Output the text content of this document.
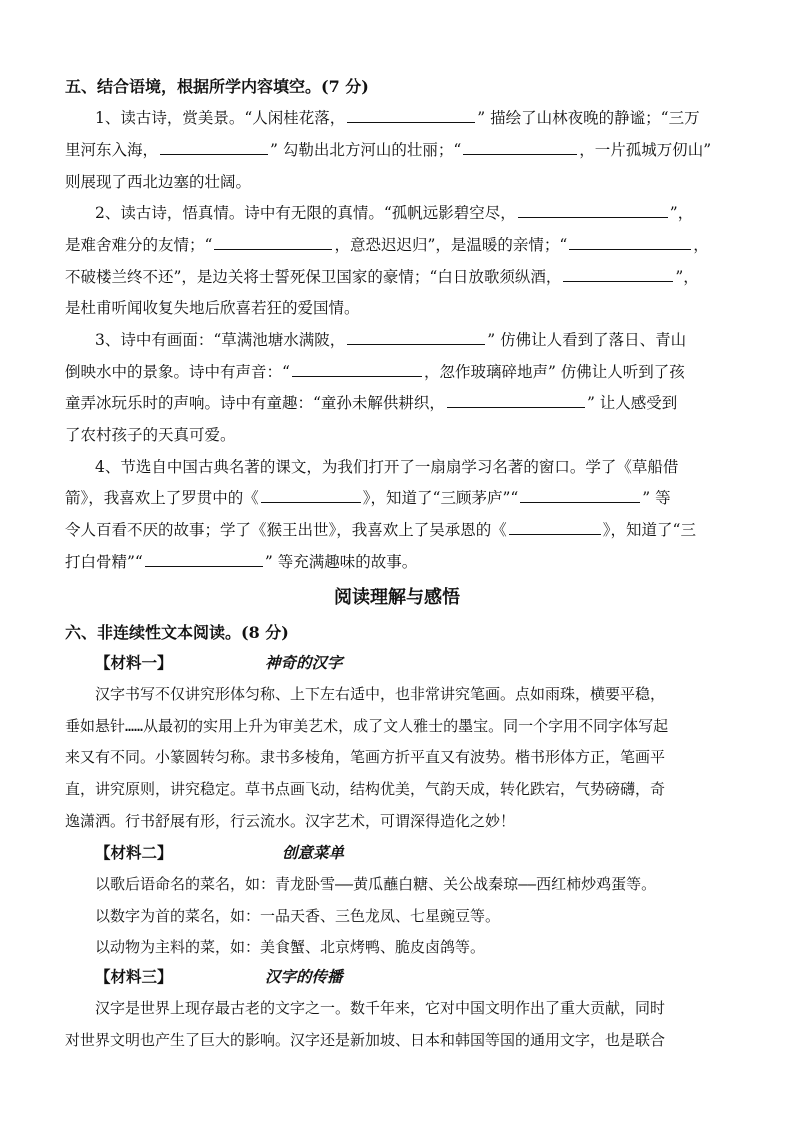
五、结合语境，根据所学内容填空。(7 分)
1、读古诗，赏美景。“人闲桂花落，	” 描绘了山林夜晚的静谧；“三万
里河东入海，	” 勾勒出北方河山的壮丽；“	，一片孤城万仞山”
则展现了西北边塞的壮阔。
2、读古诗，悟真情。诗中有无限的真情。“孤帆远影碧空尽，	”，
是难舍难分的友情；“	，意恐迟迟归”，是温暖的亲情；“	，
不破楼兰终不还”，是边关将士誓死保卫国家的豪情；“白日放歌须纵酒，	”，
是杜甫听闻收复失地后欣喜若狂的爱国情。
3、诗中有画面：“草满池塘水满陂，	” 仿佛让人看到了落日、青山
倒映水中的景象。诗中有声音：“	，忽作玻璃碎地声” 仿佛让人听到了孩
童弄冰玩乐时的声响。诗中有童趣：“童孙未解供耕织，	” 让人感受到
了农村孩子的天真可爱。
4、节选自中国古典名著的课文，为我们打开了一扇扇学习名著的窗口。学了《草船借
箭》，我喜欢上了罗贯中的《	》，知道了“三顾茅庐”“	” 等
令人百看不厌的故事；学了《猴王出世》，我喜欢上了吴承恩的《	》，知道了“三
打白骨精”“	” 等充满趣味的故事。
阅读理解与感悟
六、非连续性文本阅读。(8 分)
【材料一】	神奇的汉字
汉字书写不仅讲究形体匀称、上下左右适中，也非常讲究笔画。点如雨珠，横要平稳，
垂如悬针……从最初的实用上升为审美艺术，成了文人雅士的墨宝。同一个字用不同字体写起
来又有不同。小篆圆转匀称。隶书多棱角，笔画方折平直又有波势。楷书形体方正，笔画平
直，讲究原则，讲究稳定。草书点画飞动，结构优美，气韵天成，转化跌宕，气势磅礴，奇
逸潇洒。行书舒展有形，行云流水。汉字艺术，可谓深得造化之妙！
【材料二】	创意菜单
以歌后语命名的菜名，如：青龙卧雪——黄瓜蘸白糖、关公战秦琼——西红柿炒鸡蛋等。
以数字为首的菜名，如：一品天香、三色龙凤、七星豌豆等。
以动物为主料的菜，如：美食蟹、北京烤鸭、脆皮卤鸽等。
【材料三】	汉字的传播
汉字是世界上现存最古老的文字之一。数千年来，它对中国文明作出了重大贡献，同时
对世界文明也产生了巨大的影响。汉字还是新加坡、日本和韩国等国的通用文字，也是联合
